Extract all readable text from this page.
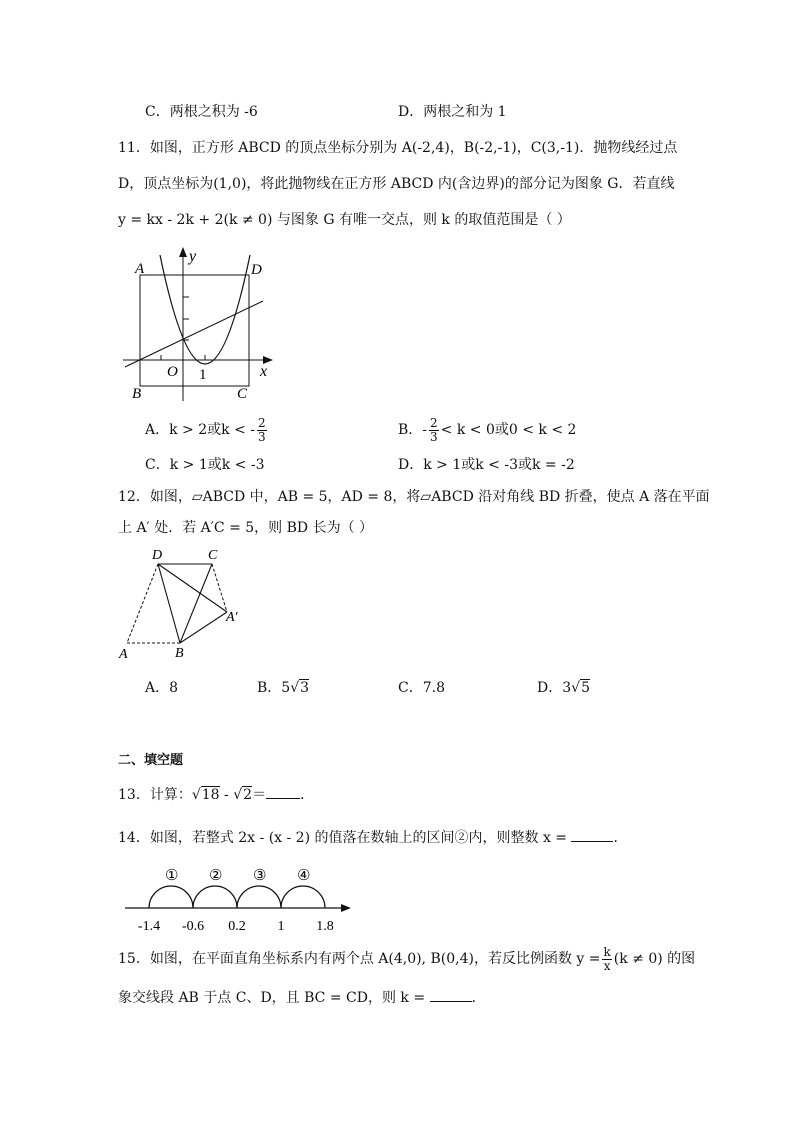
C．两根之积为 -6	D．两根之和为 1
11．如图，正方形 ABCD 的顶点坐标分别为 A(-2,4)，B(-2,-1)，C(3,-1)．抛物线经过点
D，顶点坐标为(1,0)，将此抛物线在正方形 ABCD 内(含边界)的部分记为图象 G．若直线
y = kx - 2k + 2(k ≠ 0) 与图象 G 有唯一交点，则 k 的取值范围是（ ）
A	D
B	C
O 1	x
y
A．k > 2或k < - $\frac{2}{3}$	B．- $\frac{2}{3} < k < 0$或0 < k < 2
C．k > 1或k < -3	D．k > 1或k < -3或k = -2
12．如图，▱ABCD 中，AB = 5，AD = 8，将▱ABCD 沿对角线 BD 折叠，使点 A 落在平面
上 A′ 处．若 A′C = 5，则 BD 长为（ ）
D	C
A	B
A′
A．8	B．5√3	C．7.8	D．3√5
二、填空题
13．计算：√18 - √2＝ ．
14．如图，若整式 2x - (x - 2) 的值落在数轴上的区间②内，则整数 x =	．
① ② ③ ④
-1.4 -0.6 0.2 1 1.8
15．如图，在平面直角坐标系内有两个点 A(4,0), B(0,4)，若反比例函数 $y = \frac{k}{x} (k \ne 0)$ 的图
象交线段 AB 于点 C、D，且 BC = CD，则 k =	．
